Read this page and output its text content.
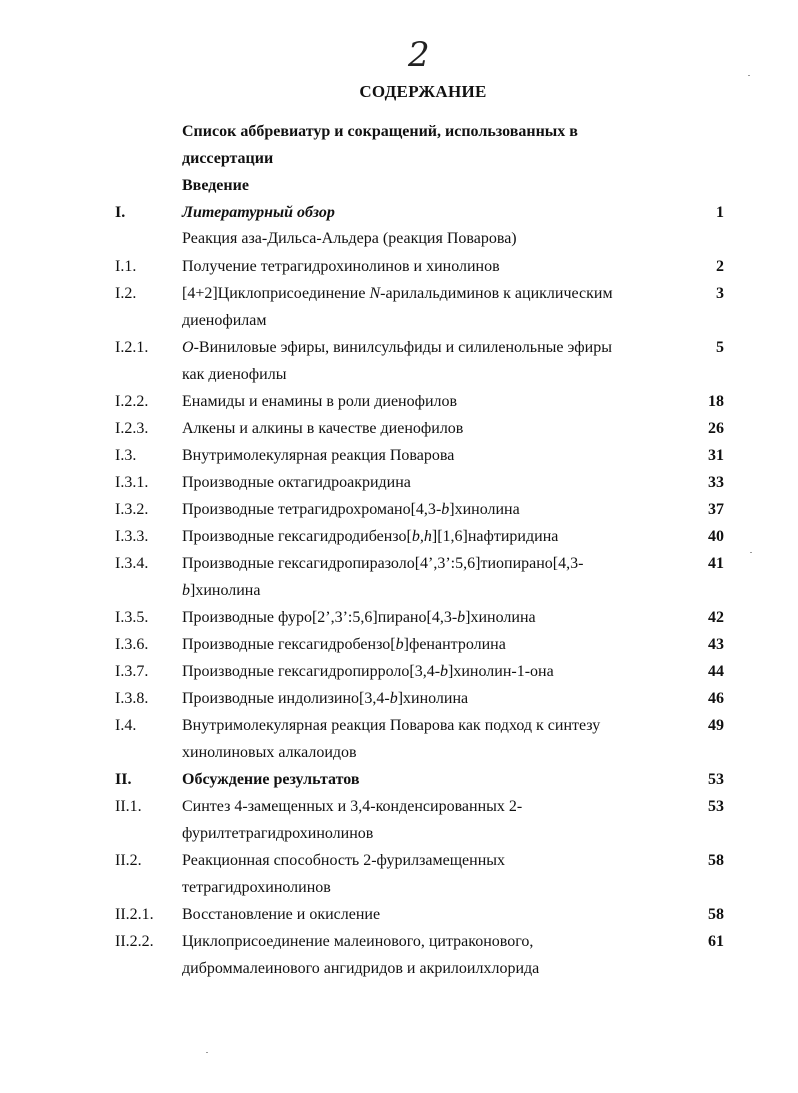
2
СОДЕРЖАНИЕ
Список аббревиатур и сокращений, использованных в
диссертации
Введение
I.	Литературный обзор	1
Реакция аза-Дильса-Альдера (реакция Поварова)
I.1.	Получение тетрагидрохинолинов и хинолинов	2
I.2.	[4+2]Циклоприсоединение N-арилальдиминов к ациклическим	3
диенофилам
I.2.1. O-Виниловые эфиры, винилсульфиды и силиленольные эфиры	5
как диенофилы
I.2.2. Енамиды и енамины в роли диенофилов	18
I.2.3. Алкены и алкины в качестве диенофилов	26
I.3.	Внутримолекулярная реакция Поварова	31
I.3.1. Производные октагидроакридина	33
I.3.2. Производные тетрагидрохромано[4,3-b]хинолина	37
I.3.3. Производные гексагидродибензо[b,h][1,6]нафтиридина	40
I.3.4. Производные гексагидропиразоло[4’,3’:5,6]тиопирано[4,3-	41
b]хинолина
I.3.5. Производные фуро[2’,3’:5,6]пирано[4,3-b]хинолина	42
I.3.6. Производные гексагидробензо[b]фенантролина	43
I.3.7. Производные гексагидропирроло[3,4-b]хинолин-1-она	44
I.3.8. Производные индолизино[3,4-b]хинолина	46
I.4.	Внутримолекулярная реакция Поварова как подход к синтезу	49
хинолиновых алкалоидов
II.	Обсуждение результатов	53
II.1.	Синтез 4-замещенных и 3,4-конденсированных 2-	53
фурилтетрагидрохинолинов
II.2.	Реакционная способность 2-фурилзамещенных	58
тетрагидрохинолинов
II.2.1. Восстановление и окисление	58
II.2.2. Циклоприсоединение малеинового, цитраконового,	61
диброммалеинового ангидридов и акрилоилхлорида
